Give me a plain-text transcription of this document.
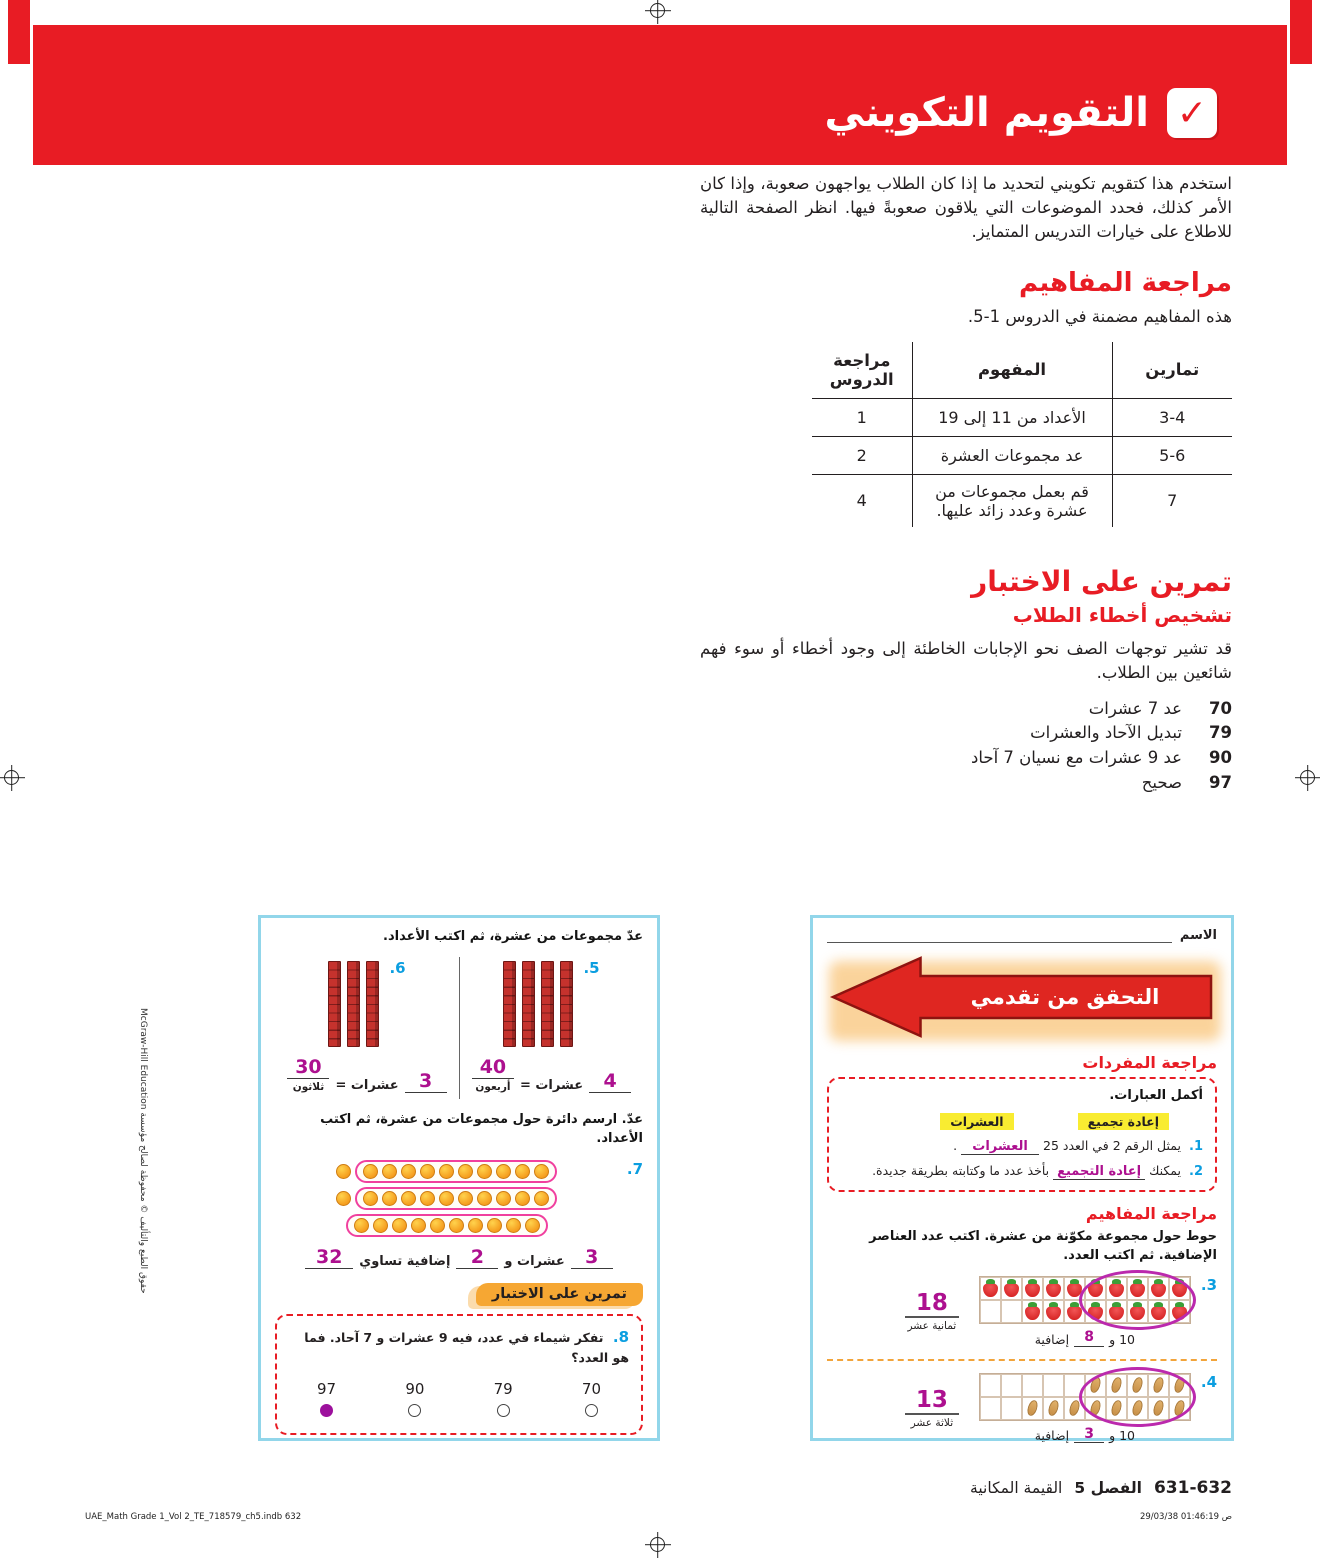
✓
التقويم التكويني

استخدم هذا كتقويم تكويني لتحديد ما إذا كان الطلاب يواجهون صعوبة، وإذا كان الأمر كذلك، فحدد الموضوعات التي يلاقون صعوبةً فيها. انظر الصفحة التالية للاطلاع على خيارات التدريس المتمايز.

مراجعة المفاهيم

هذه المفاهيم مضمنة في الدروس 1-5.

تمارين	المفهوم	مراجعة الدروس
3-4	الأعداد من 11 إلى 19	1
5-6	عد مجموعات العشرة	2
7	قم بعمل مجموعات من عشرة وعدد زائد عليها.	4
تمرين على الاختبار
تشخيص أخطاء الطلاب

قد تشير توجهات الصف نحو الإجابات الخاطئة إلى وجود أخطاء أو سوء فهم شائعين بين الطلاب.

70
عد 7 عشرات
79
تبديل الآحاد والعشرات
90
عد 9 عشرات مع نسيان 7 آحاد
97
صحيح

عدّ مجموعات من عشرة، ثم اكتب الأعداد.

5.
4
عشرات =
40
أربعون
6.
3
عشرات =
30
ثلاثون

عدّ. ارسم دائرة حول مجموعات من عشرة، ثم اكتب الأعداد.

7.
3
عشرات و
2
إضافية تساوي
32
تمرين على الاختبار

8. تفكر شيماء في عدد، فيه 9 عشرات و 7 آحاد. فما هو العدد؟

70
79
90
97
الاسم
التحقق من تقدمي
مراجعة المفردات

أكمل العبارات.

إعادة تجميع
العشرات

1. يمثل الرقم 2 في العدد 25 العشرات .

2. يمكنك إعادة التجميع بأخذ عدد ما وكتابته بطريقة جديدة.

مراجعة المفاهيم

حوط حول مجموعة مكوّنة من عشرة. اكتب عدد العناصر الإضافية. ثم اكتب العدد.

3.
10 و
8
إضافية
18
ثمانية عشر
4.
10 و
3
إضافية
13
ثلاثة عشر
631-632
الفصل 5
القيمة المكانية
UAE_Math Grade 1_Vol 2_TE_718579_ch5.indb 632	29/03/38 01:46:19 ص
حقوق الطبع والتأليف © محفوظة لصالح مؤسسة McGraw-Hill Education
